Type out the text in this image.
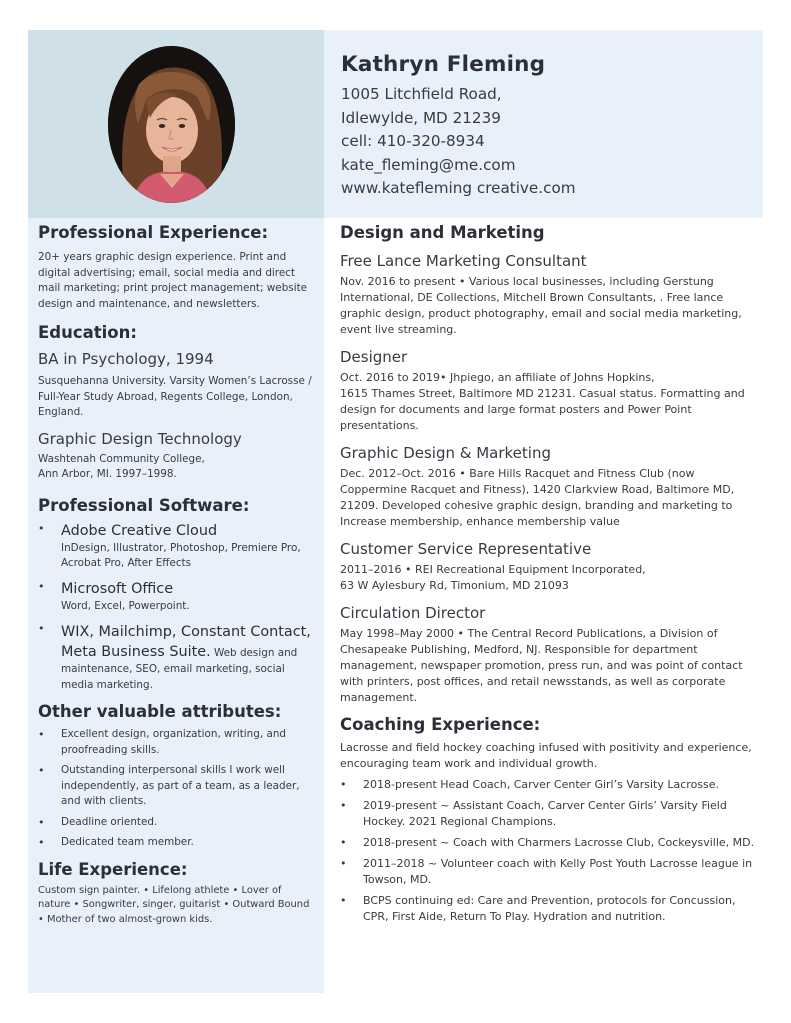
Kathryn Fleming
1005 Litchfield Road,
Idlewylde, MD 21239
cell: 410-320-8934
kate_fleming@me.com
www.katefleming creative.com
Professional Experience:

20+ years graphic design experience. Print and digital advertising; email, social media and direct mail marketing; print project management; website design and maintenance, and newsletters.

Education:
BA in Psychology, 1994

Susquehanna University. Varsity Women’s Lacrosse / Full-Year Study Abroad, Regents College, London, England.

Graphic Design Technology

Washtenah Community College,

Ann Arbor, MI. 1997–1998.

Professional Software:
• Adobe Creative Cloud
InDesign, Illustrator, Photoshop, Premiere Pro, Acrobat Pro, After Effects
• Microsoft Office
Word, Excel, Powerpoint.
• WIX, Mailchimp, Constant Contact, Meta Business Suite. Web design and maintenance, SEO, email marketing, social media marketing.
Other valuable attributes:
• Excellent design, organization, writing, and proofreading skills.
• Outstanding interpersonal skills I work well independently, as part of a team, as a leader, and with clients.
• Deadline oriented.
• Dedicated team member.
Life Experience:

Custom sign painter. • Lifelong athlete • Lover of nature • Songwriter, singer, guitarist • Outward Bound • Mother of two almost-grown kids.

Design and Marketing
Free Lance Marketing Consultant

Nov. 2016 to present • Various local businesses, including Gerstung International, DE Collections, Mitchell Brown Consultants, . Free lance graphic design, product photography, email and social media marketing, event live streaming.

Designer

Oct. 2016 to 2019• Jhpiego, an affiliate of Johns Hopkins,

1615 Thames Street, Baltimore MD 21231. Casual status. Formatting and design for documents and large format posters and Power Point presentations.

Graphic Design & Marketing

Dec. 2012–Oct. 2016 • Bare Hills Racquet and Fitness Club (now Coppermine Racquet and Fitness), 1420 Clarkview Road, Baltimore MD, 21209. Developed cohesive graphic design, branding and marketing to Increase membership, enhance membership value

Customer Service Representative

2011–2016 • REI Recreational Equipment Incorporated,

63 W Aylesbury Rd, Timonium, MD 21093

Circulation Director

May 1998–May 2000 • The Central Record Publications, a Division of Chesapeake Publishing, Medford, NJ. Responsible for department management, newspaper promotion, press run, and was point of contact with printers, post offices, and retail newsstands, as well as corporate management.

Coaching Experience:

Lacrosse and field hockey coaching infused with positivity and experience, encouraging team work and individual growth.

• 2018-present Head Coach, Carver Center Girl’s Varsity Lacrosse.
• 2019-present ~ Assistant Coach, Carver Center Girls’ Varsity Field Hockey. 2021 Regional Champions.
• 2018-present ~ Coach with Charmers Lacrosse Club, Cockeysville, MD.
• 2011–2018 ~ Volunteer coach with Kelly Post Youth Lacrosse league in Towson, MD.
• BCPS continuing ed: Care and Prevention, protocols for Concussion, CPR, First Aide, Return To Play. Hydration and nutrition.
